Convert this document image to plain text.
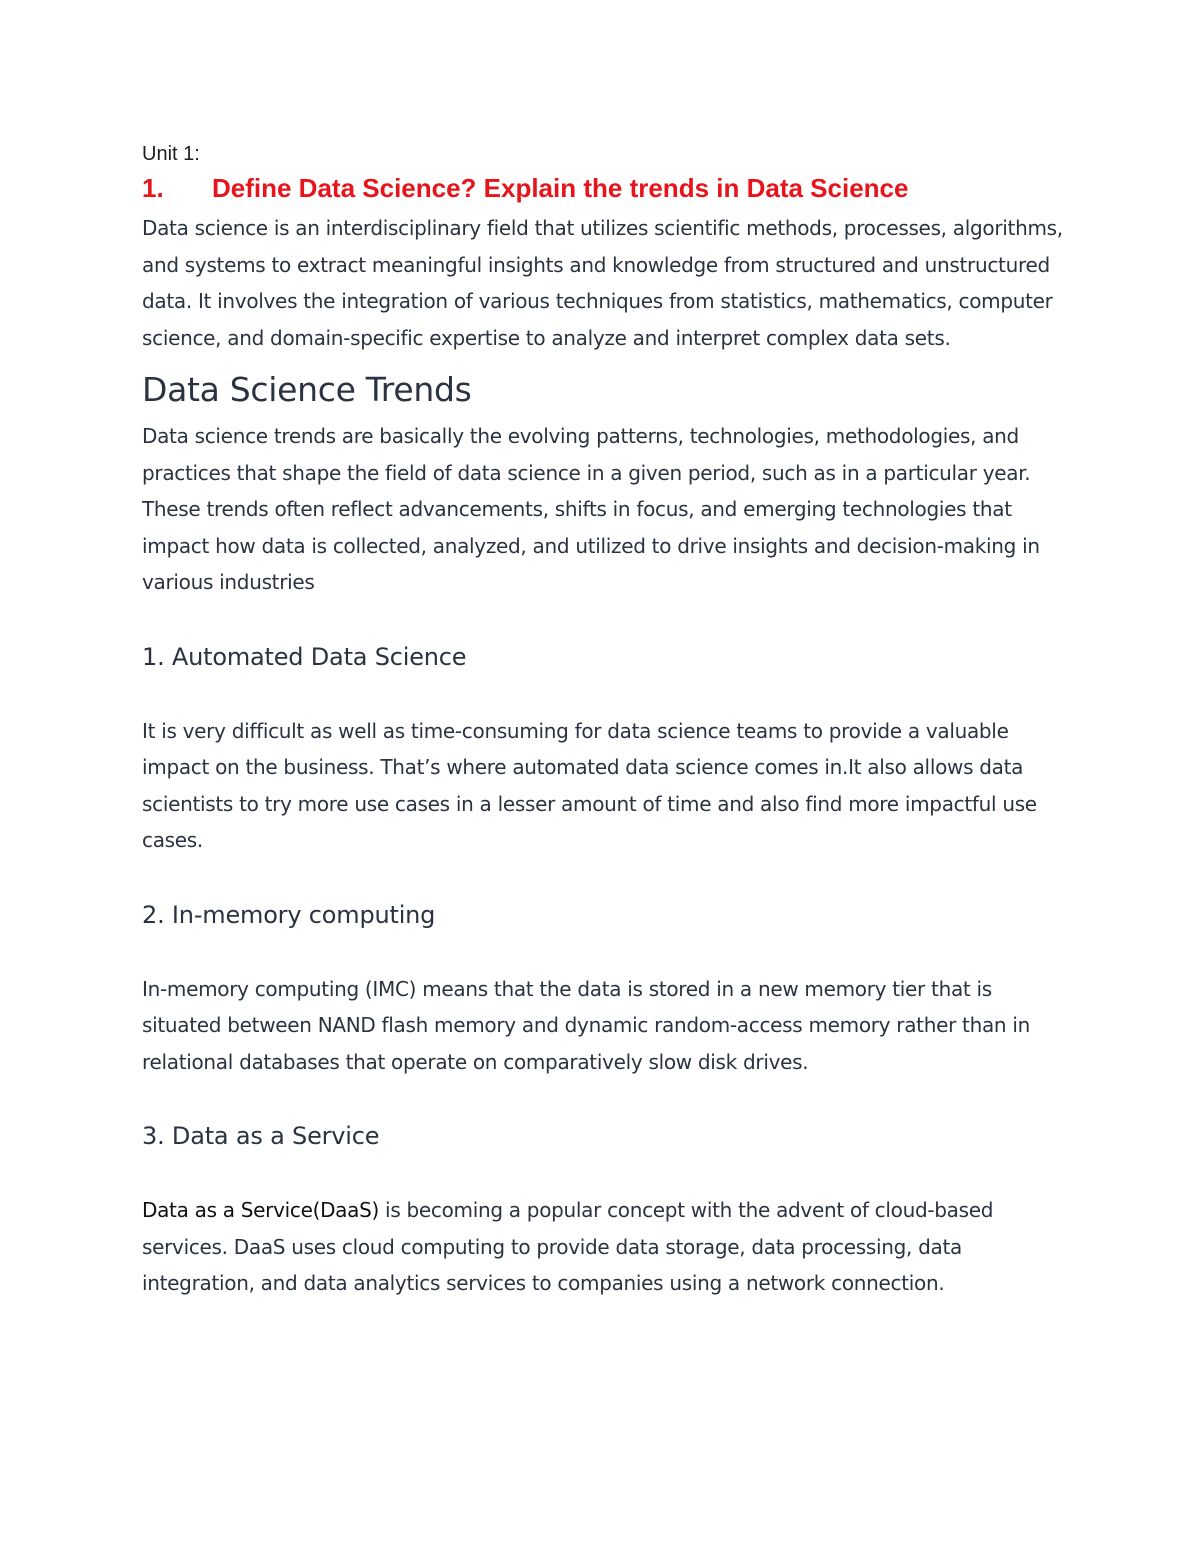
Unit 1:

1. Define Data Science? Explain the trends in Data Science

Data science is an interdisciplinary field that utilizes scientific methods, processes, algorithms, and systems to extract meaningful insights and knowledge from structured and unstructured data. It involves the integration of various techniques from statistics, mathematics, computer science, and domain-specific expertise to analyze and interpret complex data sets.

Data Science Trends

Data science trends are basically the evolving patterns, technologies, methodologies, and practices that shape the field of data science in a given period, such as in a particular year. These trends often reflect advancements, shifts in focus, and emerging technologies that impact how data is collected, analyzed, and utilized to drive insights and decision-making in various industries

1. Automated Data Science

It is very difficult as well as time-consuming for data science teams to provide a valuable impact on the business. That’s where automated data science comes in.It also allows data scientists to try more use cases in a lesser amount of time and also find more impactful use cases.

2. In-memory computing

In-memory computing (IMC) means that the data is stored in a new memory tier that is situated between NAND flash memory and dynamic random-access memory rather than in relational databases that operate on comparatively slow disk drives.

3. Data as a Service

Data as a Service(DaaS) is becoming a popular concept with the advent of cloud-based services. DaaS uses cloud computing to provide data storage, data processing, data integration, and data analytics services to companies using a network connection.
